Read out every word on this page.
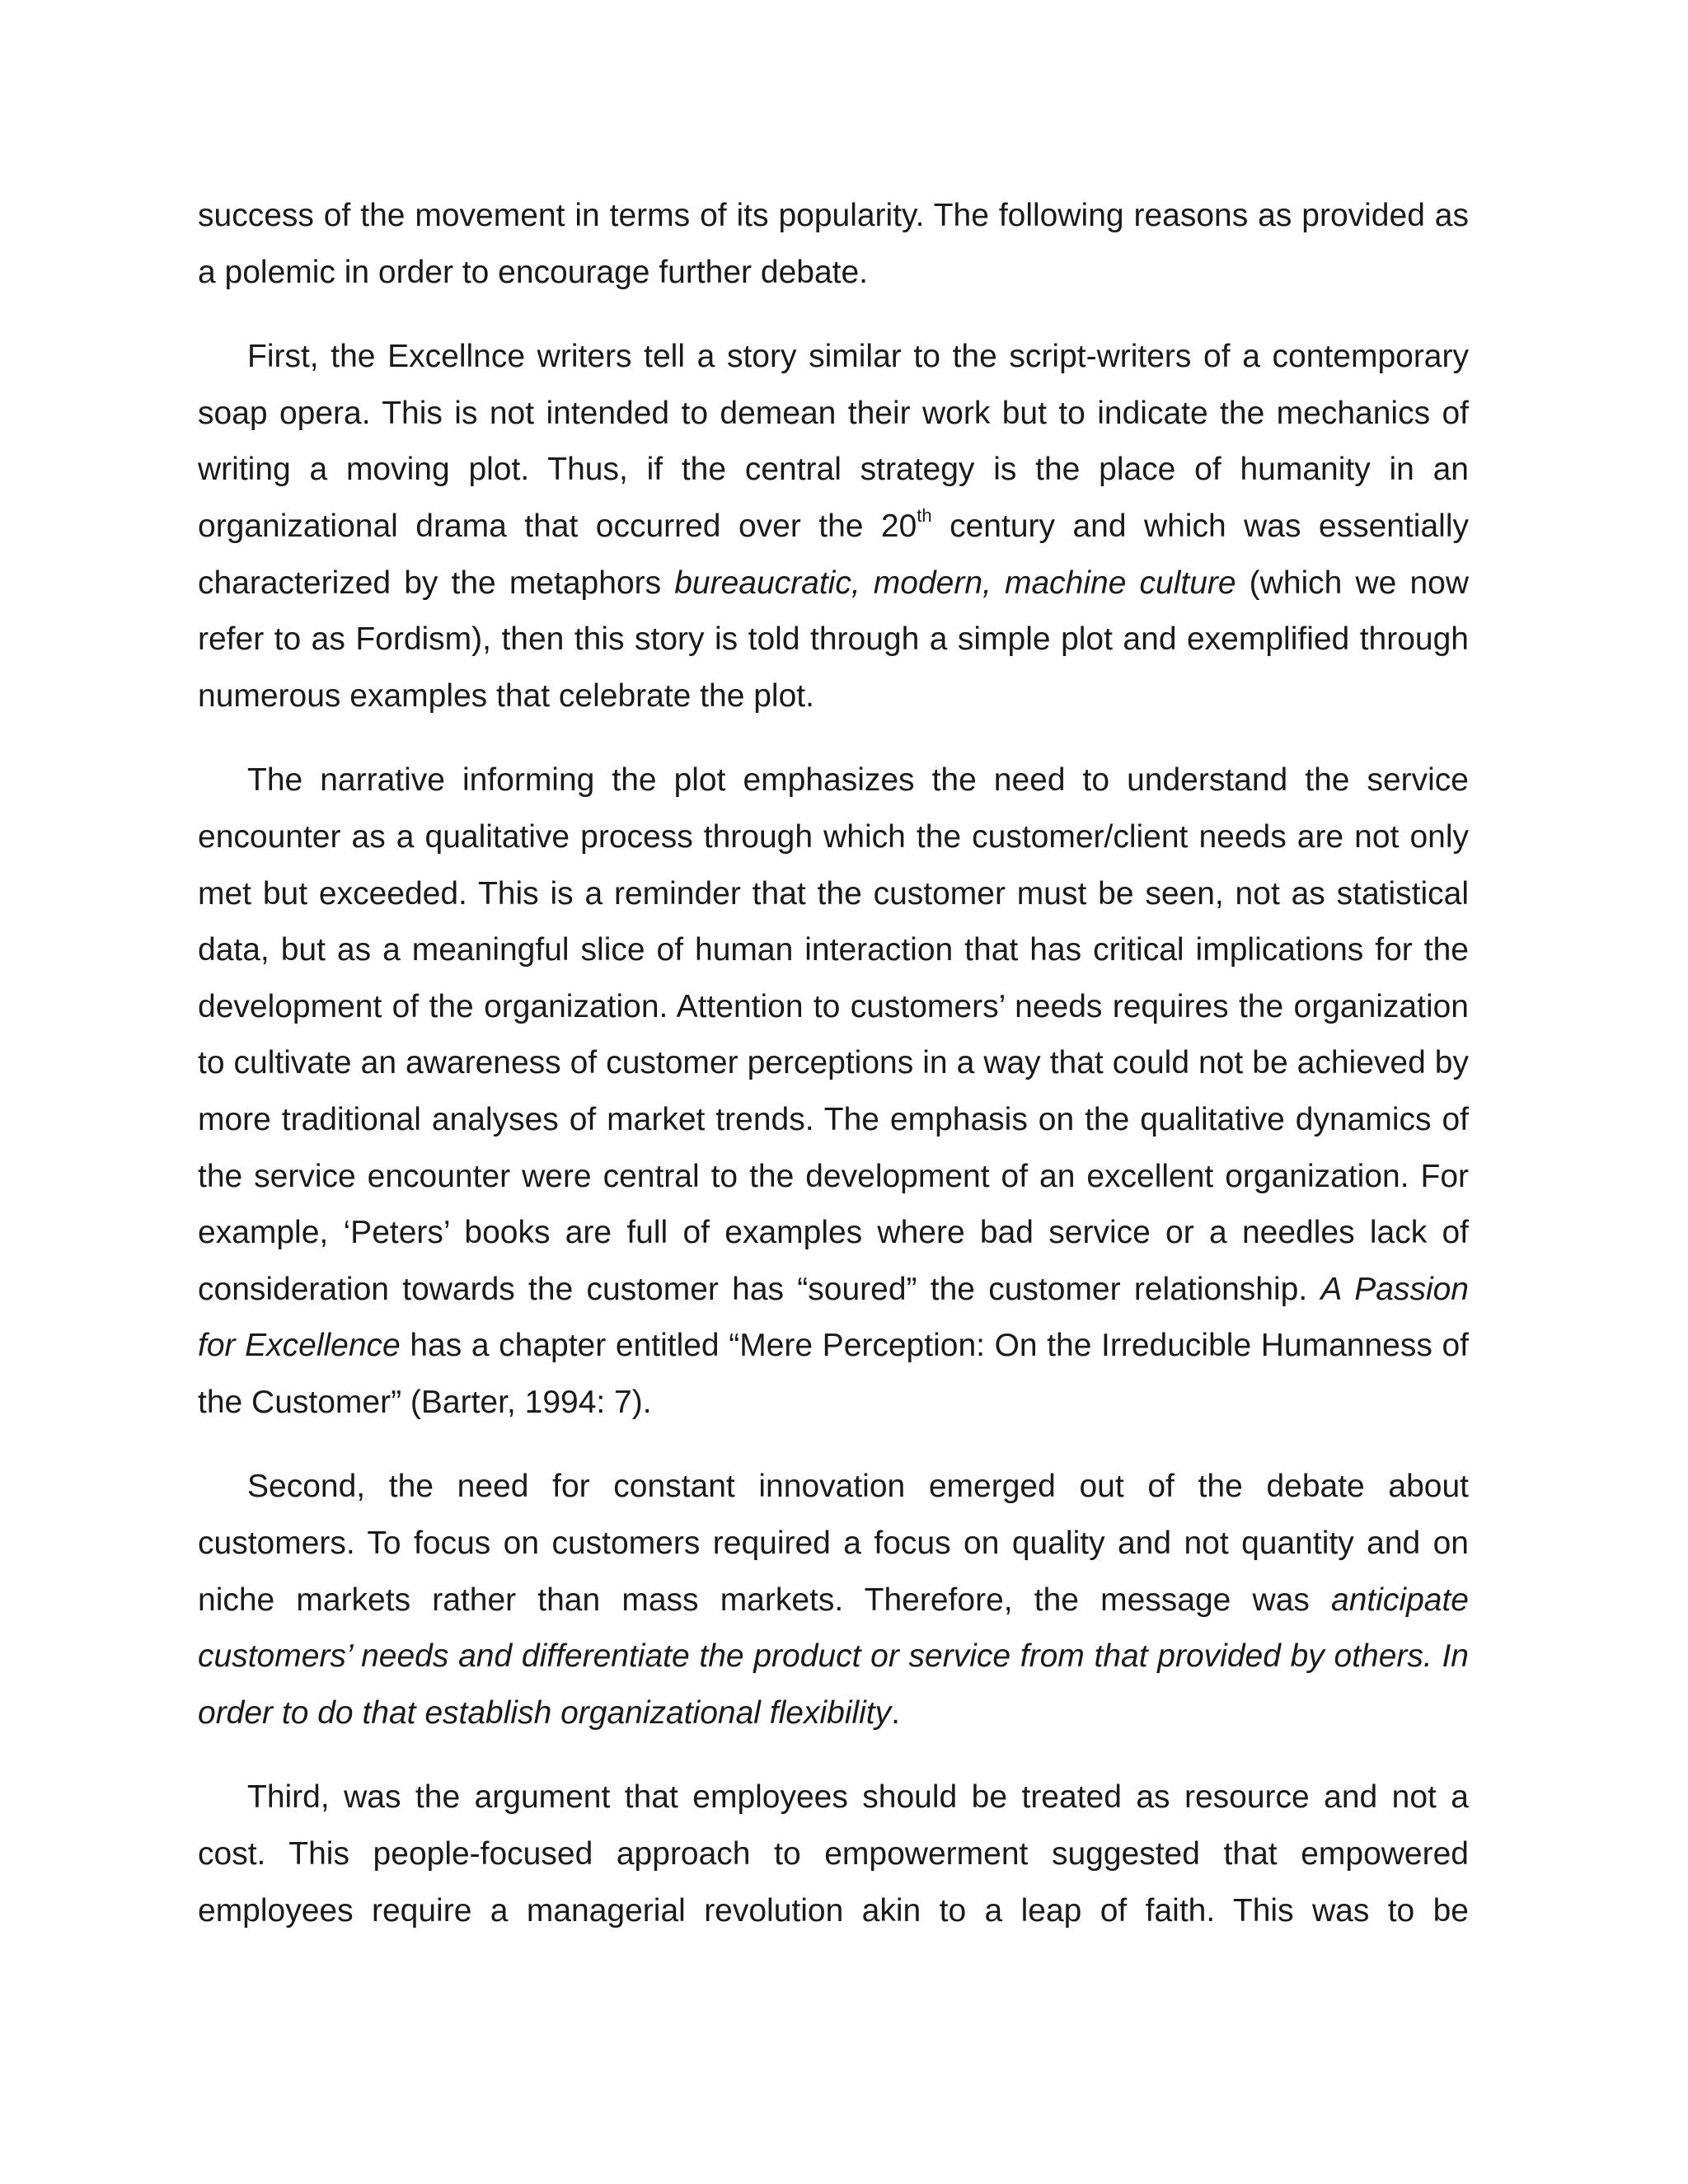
success of the movement in terms of its popularity. The following reasons as provided as a polemic in order to encourage further debate.

First, the Excellnce writers tell a story similar to the script-writers of a contemporary soap opera. This is not intended to demean their work but to indicate the mechanics of writing a moving plot. Thus, if the central strategy is the place of humanity in an organizational drama that occurred over the 20th century and which was essentially characterized by the metaphors bureaucratic, modern, machine culture (which we now refer to as Fordism), then this story is told through a simple plot and exemplified through numerous examples that celebrate the plot.

The narrative informing the plot emphasizes the need to understand the service encounter as a qualitative process through which the customer/client needs are not only met but exceeded. This is a reminder that the customer must be seen, not as statistical data, but as a meaningful slice of human interaction that has critical implications for the development of the organization. Attention to customers’ needs requires the organization to cultivate an awareness of customer perceptions in a way that could not be achieved by more traditional analyses of market trends. The emphasis on the qualitative dynamics of the service encounter were central to the development of an excellent organization. For example, ‘Peters’ books are full of examples where bad service or a needles lack of consideration towards the customer has “soured” the customer relationship. A Passion for Excellence has a chapter entitled “Mere Perception: On the Irreducible Humanness of the Customer” (Barter, 1994: 7).

Second, the need for constant innovation emerged out of the debate about customers. To focus on customers required a focus on quality and not quantity and on niche markets rather than mass markets. Therefore, the message was anticipate customers’ needs and differentiate the product or service from that provided by others. In order to do that establish organizational flexibility.

Third, was the argument that employees should be treated as resource and not a cost. This people-focused approach to empowerment suggested that empowered employees require a managerial revolution akin to a leap of faith. This was to be
